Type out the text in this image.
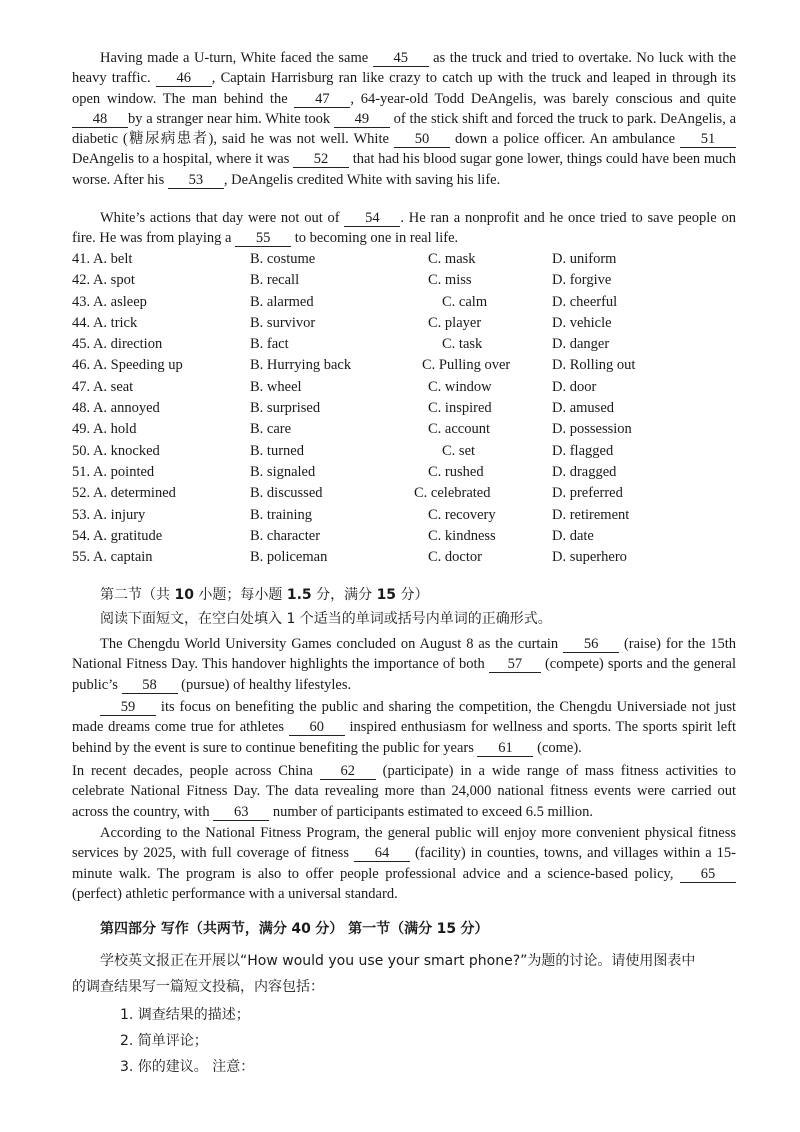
Having made a U-turn, White faced the same 45 as the truck and tried to overtake. No luck with the heavy traffic. 46 , Captain Harrisburg ran like crazy to catch up with the truck and leaped in through its open window. The man behind the 47 , 64-year-old Todd DeAngelis, was barely conscious and quite 48 by a stranger near him. White took 49 of the stick shift and forced the truck to park. DeAngelis, a diabetic (糖尿病患者), said he was not well. White 50 down a police officer. An ambulance 51 DeAngelis to a hospital, where it was 52 that had his blood sugar gone lower, things could have been much worse. After his 53 , DeAngelis credited White with saving his life.

White’s actions that day were not out of 54 . He ran a nonprofit and he once tried to save people on fire. He was from playing a 55 to becoming one in real life.

41. A. belt	B. costume	C. mask	D. uniform
42. A. spot	B. recall	C. miss	D. forgive
43. A. asleep	B. alarmed	C. calm	D. cheerful
44. A. trick	B. survivor	C. player	D. vehicle
45. A. direction	B. fact	C. task	D. danger
46. A. Speeding up	B. Hurrying back	C. Pulling over	D. Rolling out
47. A. seat	B. wheel	C. window	D. door
48. A. annoyed	B. surprised	C. inspired	D. amused
49. A. hold	B. care	C. account	D. possession
50. A. knocked	B. turned	C. set	D. flagged
51. A. pointed	B. signaled	C. rushed	D. dragged
52. A. determined	B. discussed	C. celebrated	D. preferred
53. A. injury	B. training	C. recovery	D. retirement
54. A. gratitude	B. character	C. kindness	D. date
55. A. captain	B. policeman	C. doctor	D. superhero
第二节（共 10 小题；每小题 1.5 分，满分 15 分）
阅读下面短文，在空白处填入 1 个适当的单词或括号内单词的正确形式。

The Chengdu World University Games concluded on August 8 as the curtain 56 (raise) for the 15th National Fitness Day. This handover highlights the importance of both 57 (compete) sports and the general public’s 58 (pursue) of healthy lifestyles.

59 its focus on benefiting the public and sharing the competition, the Chengdu Universiade not just made dreams come true for athletes 60 inspired enthusiasm for wellness and sports. The sports spirit left behind by the event is sure to continue benefiting the public for years 61 (come).

In recent decades, people across China 62 (participate) in a wide range of mass fitness activities to celebrate National Fitness Day. The data revealing more than 24,000 national fitness events were carried out across the country, with 63 number of participants estimated to exceed 6.5 million.

According to the National Fitness Program, the general public will enjoy more convenient physical fitness services by 2025, with full coverage of fitness 64 (facility) in counties, towns, and villages within a 15-minute walk. The program is also to offer people professional advice and a science-based policy, 65 (perfect) athletic performance with a universal standard.

第四部分 写作（共两节，满分 40 分） 第一节（满分 15 分）
学校英文报正在开展以“How would you use your smart phone?”为题的讨论。请使用图表中
的调查结果写一篇短文投稿，内容包括：
1. 调查结果的描述；
2. 简单评论；
3. 你的建议。 注意：
